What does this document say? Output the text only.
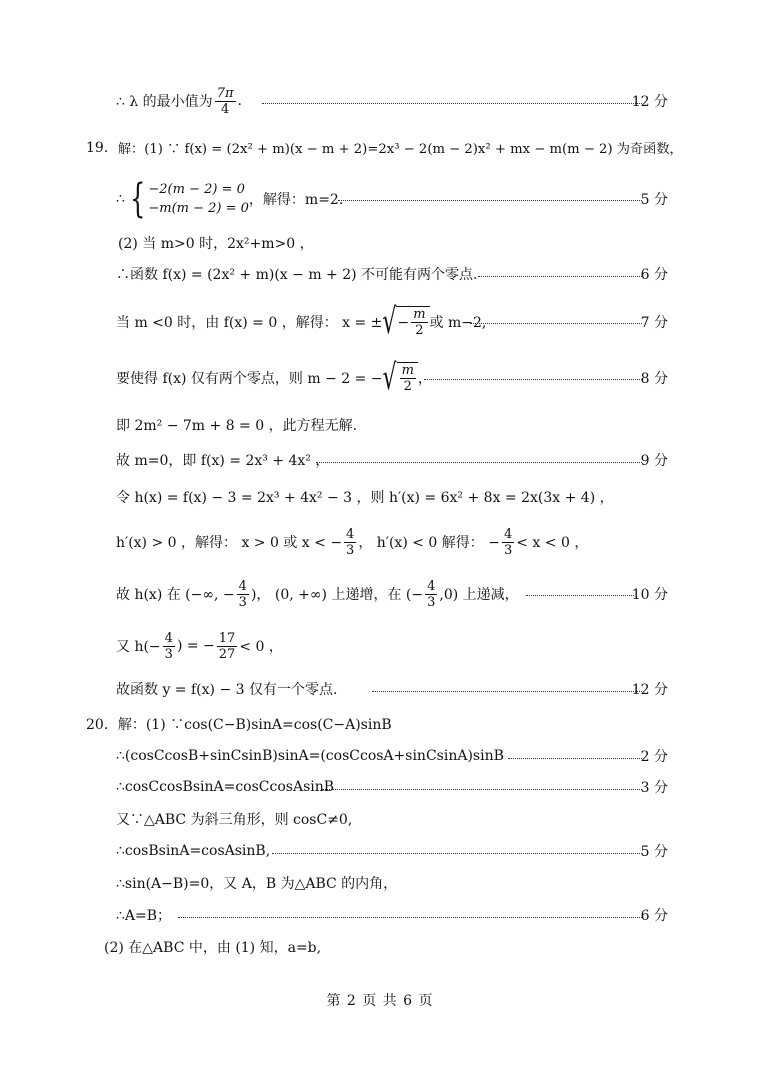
∴ λ 的最小值为 $\frac{7\pi}{4}$ .	12 分
19． 解：(1) ∵ f(x) = (2x² + m)(x − m + 2)=2x³ − 2(m − 2)x² + mx − m(m − 2) 为奇函数，
∴ { −2(m − 2) = 0
−m(m − 2) = 0
，解得：m=2.	5 分
(2) 当 m>0 时，2x²+m>0 ，
∴函数 f(x) = (2x² + m)(x − m + 2) 不可能有两个零点.	6 分
当 m <0 时，由 f(x) = 0 ，解得： x = ± √ − $\frac{m}{2}$ 或 m−2,	7 分
要使得 f(x) 仅有两个零点，则 m − 2 = − √ $\frac{m}{2}$ ，	8 分
即 2m² − 7m + 8 = 0 ，此方程无解.
故 m=0，即 f(x) = 2x³ + 4x² ，	9 分
令 h(x) = f(x) − 3 = 2x³ + 4x² − 3 ，则 h′(x) = 6x² + 8x = 2x(3x + 4) ，
h′(x) > 0 ，解得： x > 0 或 x < − $\frac{4}{3}$ ， h′(x) < 0 解得： − $\frac{4}{3} < x < 0$ ，
故 h(x) 在 (−∞, − $\frac{4}{3}$ )， (0, +∞) 上递增，在 (− $\frac{4}{3} ,0$) 上递减，	10 分
又 $h(- \frac{4}{3}$ ) = − $\frac{17}{27} < 0$ ，
故函数 y = f(x) − 3 仅有一个零点.	12 分
20． 解：(1) ∵cos(C−B)sinA=cos(C−A)sinB
∴(cosCcosB+sinCsinB)sinA=(cosCcosA+sinCsinA)sinB	2 分
∴cosCcosBsinA=cosCcosAsinB	3 分
又∵△ABC 为斜三角形，则 cosC≠0,
∴cosBsinA=cosAsinB,	5 分
∴sin(A−B)=0，又 A，B 为△ABC 的内角，
∴A=B；	6 分
(2) 在△ABC 中，由 (1) 知，a=b,
第 2 页 共 6 页
